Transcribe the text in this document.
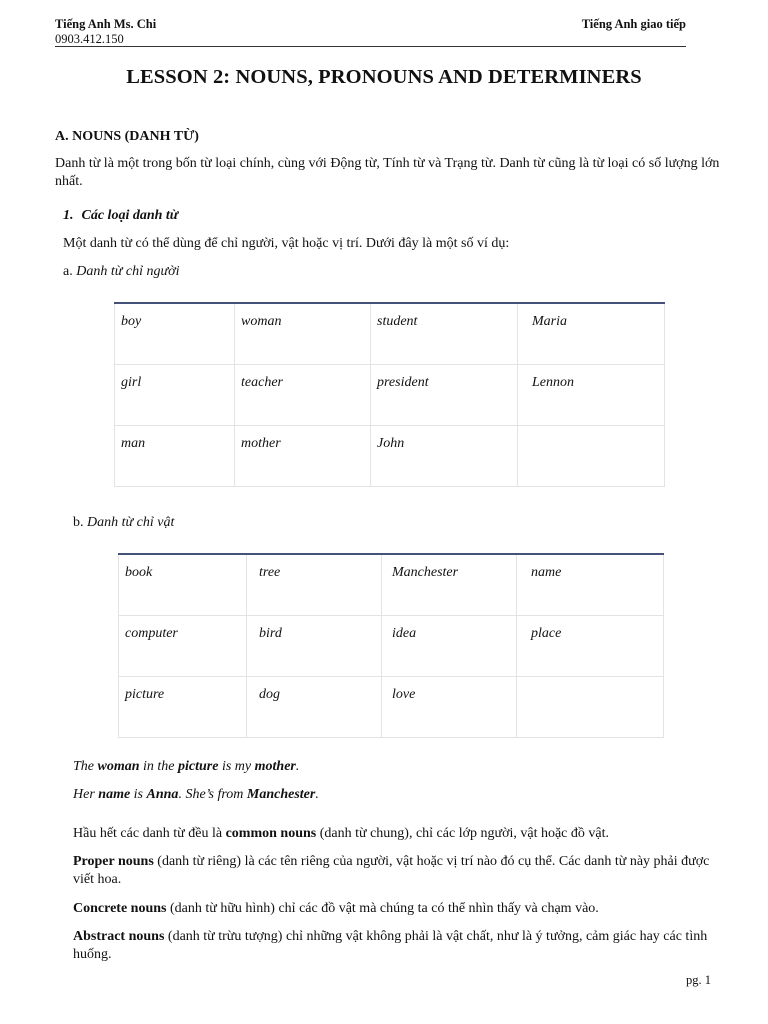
Tiếng Anh Ms. Chi
0903.412.150
Tiếng Anh giao tiếp
LESSON 2: NOUNS, PRONOUNS AND DETERMINERS
A. NOUNS (DANH TỪ)
Danh từ là một trong bốn từ loại chính, cùng với Động từ, Tính từ và Trạng từ. Danh từ cũng là từ loại có số lượng lớn nhất.
1. Các loại danh từ
Một danh từ có thể dùng để chỉ người, vật hoặc vị trí. Dưới đây là một số ví dụ:
a. Danh từ chỉ người
boy	woman	student	Maria
girl	teacher	president	Lennon
man	mother	John	
b. Danh từ chỉ vật
book	tree	Manchester	name
computer	bird	idea	place
picture	dog	love	
The woman in the picture is my mother.
Her name is Anna. She’s from Manchester.
Hầu hết các danh từ đều là common nouns (danh từ chung), chỉ các lớp người, vật hoặc đồ vật.
Proper nouns (danh từ riêng) là các tên riêng của người, vật hoặc vị trí nào đó cụ thể. Các danh từ này phải được viết hoa.
Concrete nouns (danh từ hữu hình) chỉ các đồ vật mà chúng ta có thể nhìn thấy và chạm vào.
Abstract nouns (danh từ trừu tượng) chỉ những vật không phải là vật chất, như là ý tưởng, cảm giác hay các tình huống.
pg. 1
